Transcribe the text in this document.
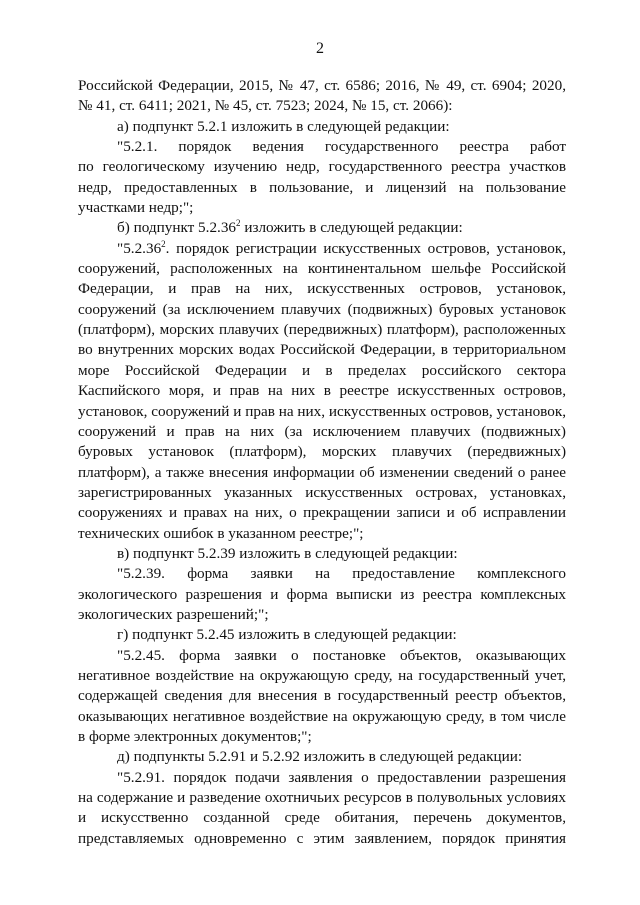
2
Российской Федерации, 2015, № 47, ст. 6586; 2016, № 49, ст. 6904; 2020,
№ 41, ст. 6411; 2021, № 45, ст. 7523; 2024, № 15, ст. 2066):
а) подпункт 5.2.1 изложить в следующей редакции:
"5.2.1. порядок ведения государственного реестра работ
по геологическому изучению недр, государственного реестра участков
недр, предоставленных в пользование, и лицензий на пользование
участками недр;";
б) подпункт 5.2.36$^2$ изложить в следующей редакции:
"5.2.36$^2$. порядок регистрации искусственных островов, установок,
сооружений, расположенных на континентальном шельфе Российской
Федерации, и прав на них, искусственных островов, установок,
сооружений (за исключением плавучих (подвижных) буровых установок
(платформ), морских плавучих (передвижных) платформ), расположенных
во внутренних морских водах Российской Федерации, в территориальном
море Российской Федерации и в пределах российского сектора
Каспийского моря, и прав на них в реестре искусственных островов,
установок, сооружений и прав на них, искусственных островов, установок,
сооружений и прав на них (за исключением плавучих (подвижных)
буровых установок (платформ), морских плавучих (передвижных)
платформ), а также внесения информации об изменении сведений о ранее
зарегистрированных указанных искусственных островах, установках,
сооружениях и правах на них, о прекращении записи и об исправлении
технических ошибок в указанном реестре;";
в) подпункт 5.2.39 изложить в следующей редакции:
"5.2.39. форма заявки на предоставление комплексного
экологического разрешения и форма выписки из реестра комплексных
экологических разрешений;";
г) подпункт 5.2.45 изложить в следующей редакции:
"5.2.45. форма заявки о постановке объектов, оказывающих
негативное воздействие на окружающую среду, на государственный учет,
содержащей сведения для внесения в государственный реестр объектов,
оказывающих негативное воздействие на окружающую среду, в том числе
в форме электронных документов;";
д) подпункты 5.2.91 и 5.2.92 изложить в следующей редакции:
"5.2.91. порядок подачи заявления о предоставлении разрешения
на содержание и разведение охотничьих ресурсов в полувольных условиях
и искусственно созданной среде обитания, перечень документов,
представляемых одновременно с этим заявлением, порядок принятия
